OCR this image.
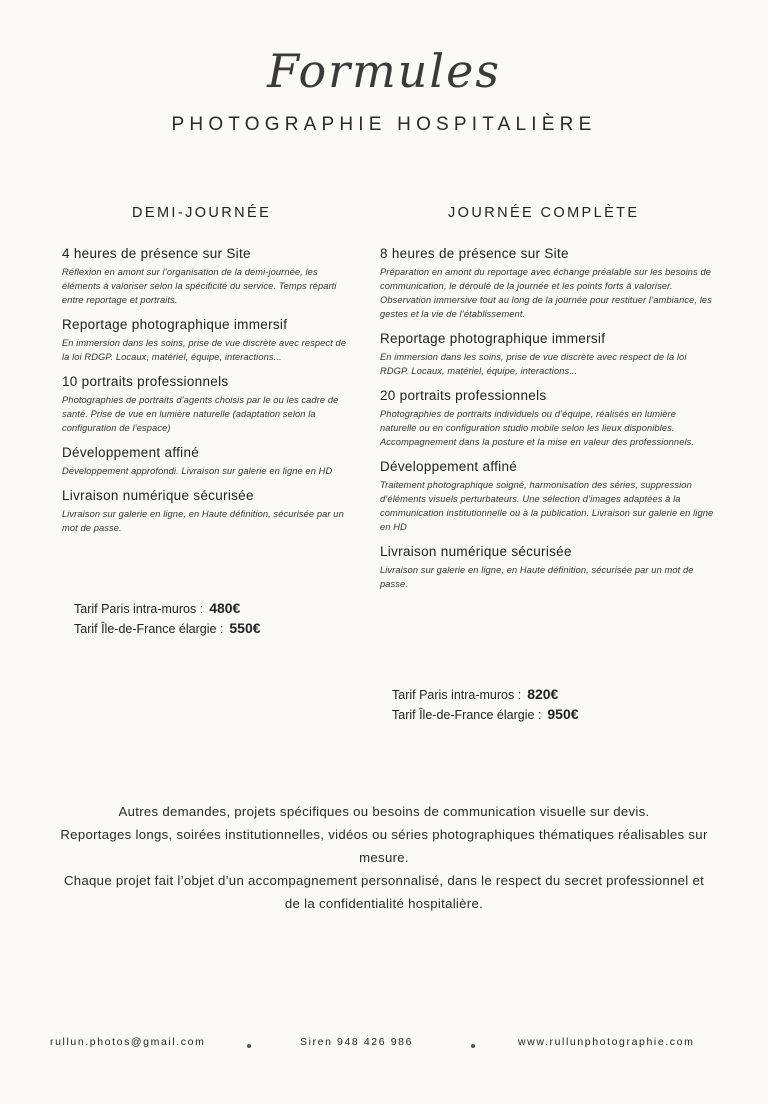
Formules
PHOTOGRAPHIE HOSPITALIÈRE
DEMI-JOURNÉE

4 heures de présence sur Site

Réflexion en amont sur l’organisation de la demi-journée, les éléments à valoriser selon la spécificité du service. Temps réparti entre reportage et portraits.

Reportage photographique immersif

En immersion dans les soins, prise de vue discrète avec respect de la loi RDGP. Locaux, matériel, équipe, interactions...

10 portraits professionnels

Photographies de portraits d’agents choisis par le ou les cadre de santé. Prise de vue en lumière naturelle (adaptation selon la configuration de l’espace)

Développement affiné

Développement approfondi. Livraison sur galerie en ligne en HD

Livraison numérique sécurisée

Livraison sur galerie en ligne, en Haute définition, sécurisée par un mot de passe.

Tarif Paris intra-muros : 480€
Tarif Île-de-France élargie : 550€
JOURNÉE COMPLÈTE

8 heures de présence sur Site

Préparation en amont du reportage avec échange préalable sur les besoins de communication, le déroulé de la journée et les points forts à valoriser. Observation immersive tout au long de la journée pour restituer l’ambiance, les gestes et la vie de l’établissement.

Reportage photographique immersif

En immersion dans les soins, prise de vue discrète avec respect de la loi RDGP. Locaux, matériel, équipe, interactions...

20 portraits professionnels

Photographies de portraits individuels ou d’équipe, réalisés en lumière naturelle ou en configuration studio mobile selon les lieux disponibles. Accompagnement dans la posture et la mise en valeur des professionnels.

Développement affiné

Traitement photographique soigné, harmonisation des séries, suppression d’éléments visuels perturbateurs. Une sélection d’images adaptées à la communication institutionnelle ou à la publication. Livraison sur galerie en ligne en HD

Livraison numérique sécurisée

Livraison sur galerie en ligne, en Haute définition, sécurisée par un mot de passe.

Tarif Paris intra-muros : 820€
Tarif Île-de-France élargie : 950€
Autres demandes, projets spécifiques ou besoins de communication visuelle sur devis.
Reportages longs, soirées institutionnelles, vidéos ou séries photographiques thématiques réalisables sur mesure.
Chaque projet fait l’objet d’un accompagnement personnalisé, dans le respect du secret professionnel et de la confidentialité hospitalière.
rullun.photos@gmail.com	Siren 948 426 986	www.rullunphotographie.com
